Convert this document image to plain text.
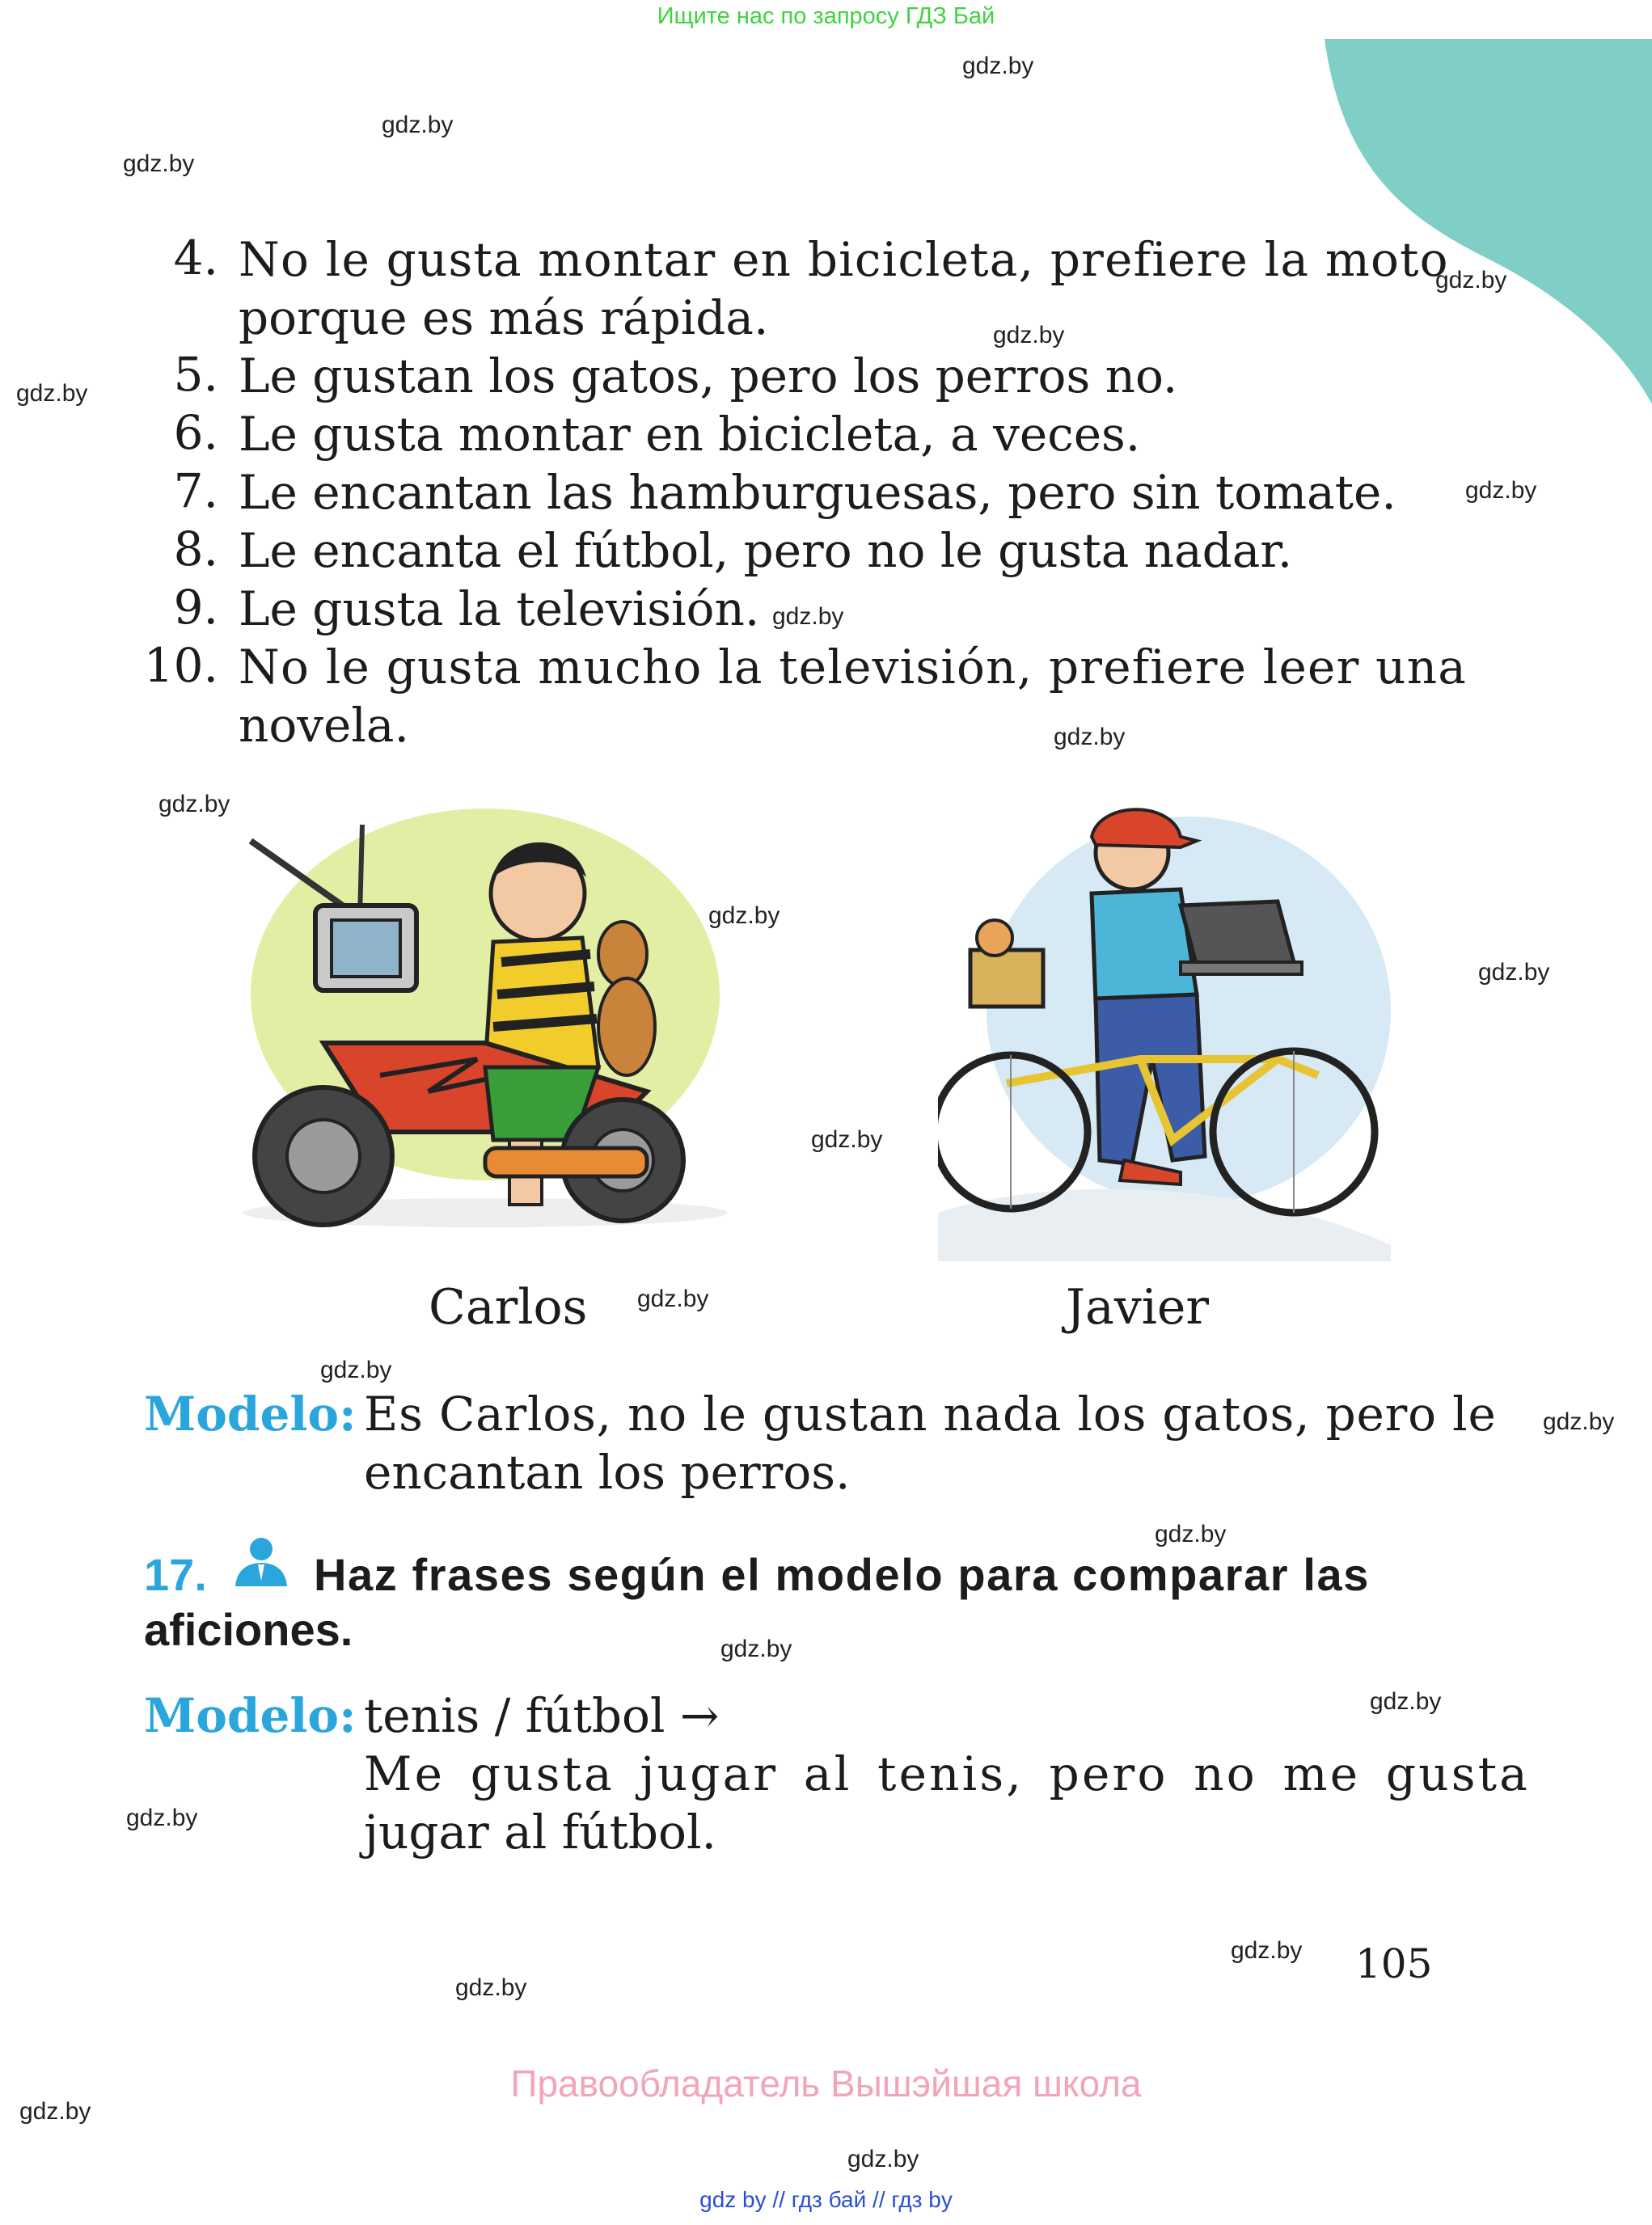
Ищите нас по запросу ГДЗ Бай
gdz.by
gdz.by
gdz.by
gdz.by
gdz.by
gdz.by
gdz.by
gdz.by
gdz.by
gdz.by
gdz.by
gdz.by
gdz.by
gdz.by
gdz.by
gdz.by
gdz.by
gdz.by
gdz.by
gdz.by
gdz.by
gdz.by
gdz.by
gdz.by
4. No le gusta montar en bicicleta, prefiere la moto
porque es más rápida.
5. Le gustan los gatos, pero los perros no.
6. Le gusta montar en bicicleta, a veces.
7. Le encantan las hamburguesas, pero sin tomate.
8. Le encanta el fútbol, pero no le gusta nadar.
9. Le gusta la televisión.
10. No le gusta mucho la televisión, prefiere leer una
novela.
Carlos	Javier
Modelo: Es Carlos, no le gustan nada los gatos, pero le
encantan los perros.
17. Haz frases según el modelo para comparar las
aficiones.
Modelo: tenis / fútbol →
Me gusta jugar al tenis, pero no me gusta
jugar al fútbol.
105
Правообладатель Вышэйшая школа
gdz by // гдз бай // гдз by
